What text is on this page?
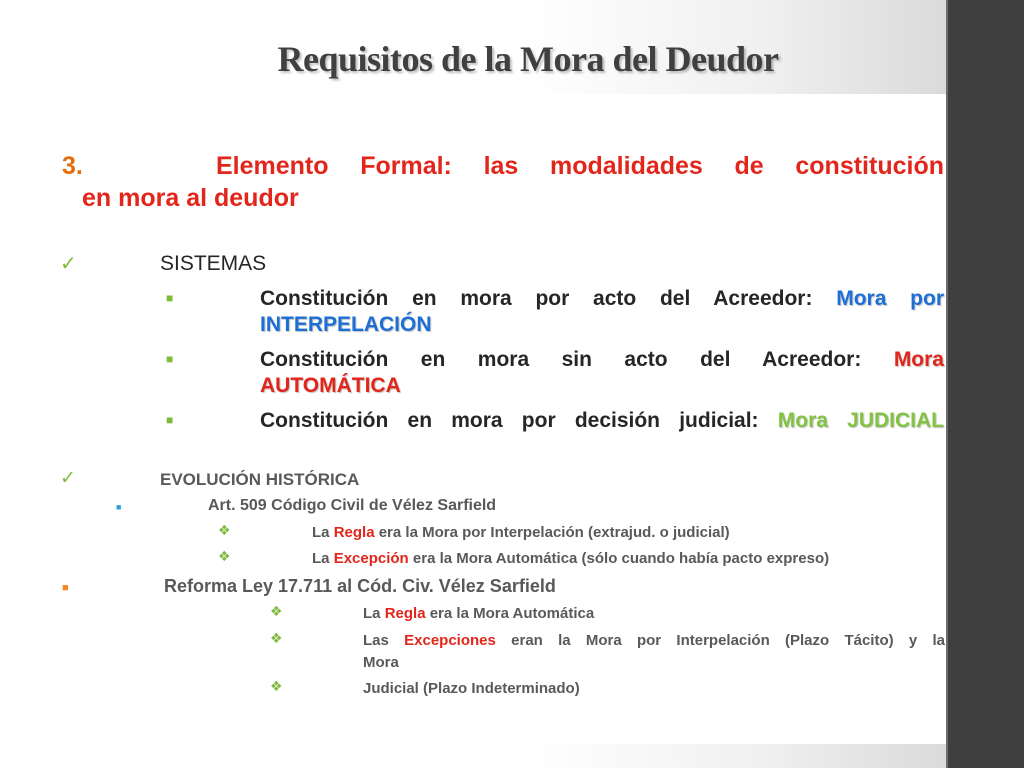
Requisitos de la Mora del Deudor
3.	Elemento Formal: las modalidades de constitución
en mora al deudor
✓	SISTEMAS
■	Constitución en mora por acto del Acreedor: Mora por
INTERPELACIÓN
■	Constitución en mora sin acto del Acreedor: Mora
AUTOMÁTICA
■	Constitución en mora por decisión judicial: Mora JUDICIAL
✓	EVOLUCIÓN HISTÓRICA
■	Art. 509 Código Civil de Vélez Sarfield
❖	La Regla era la Mora por Interpelación (extrajud. o judicial)
❖	La Excepción era la Mora Automática (sólo cuando había pacto expreso)
■	Reforma Ley 17.711 al Cód. Civ. Vélez Sarfield
❖	La Regla era la Mora Automática
❖	Las Excepciones eran la Mora por Interpelación (Plazo Tácito) y la
Mora
❖	Judicial (Plazo Indeterminado)
